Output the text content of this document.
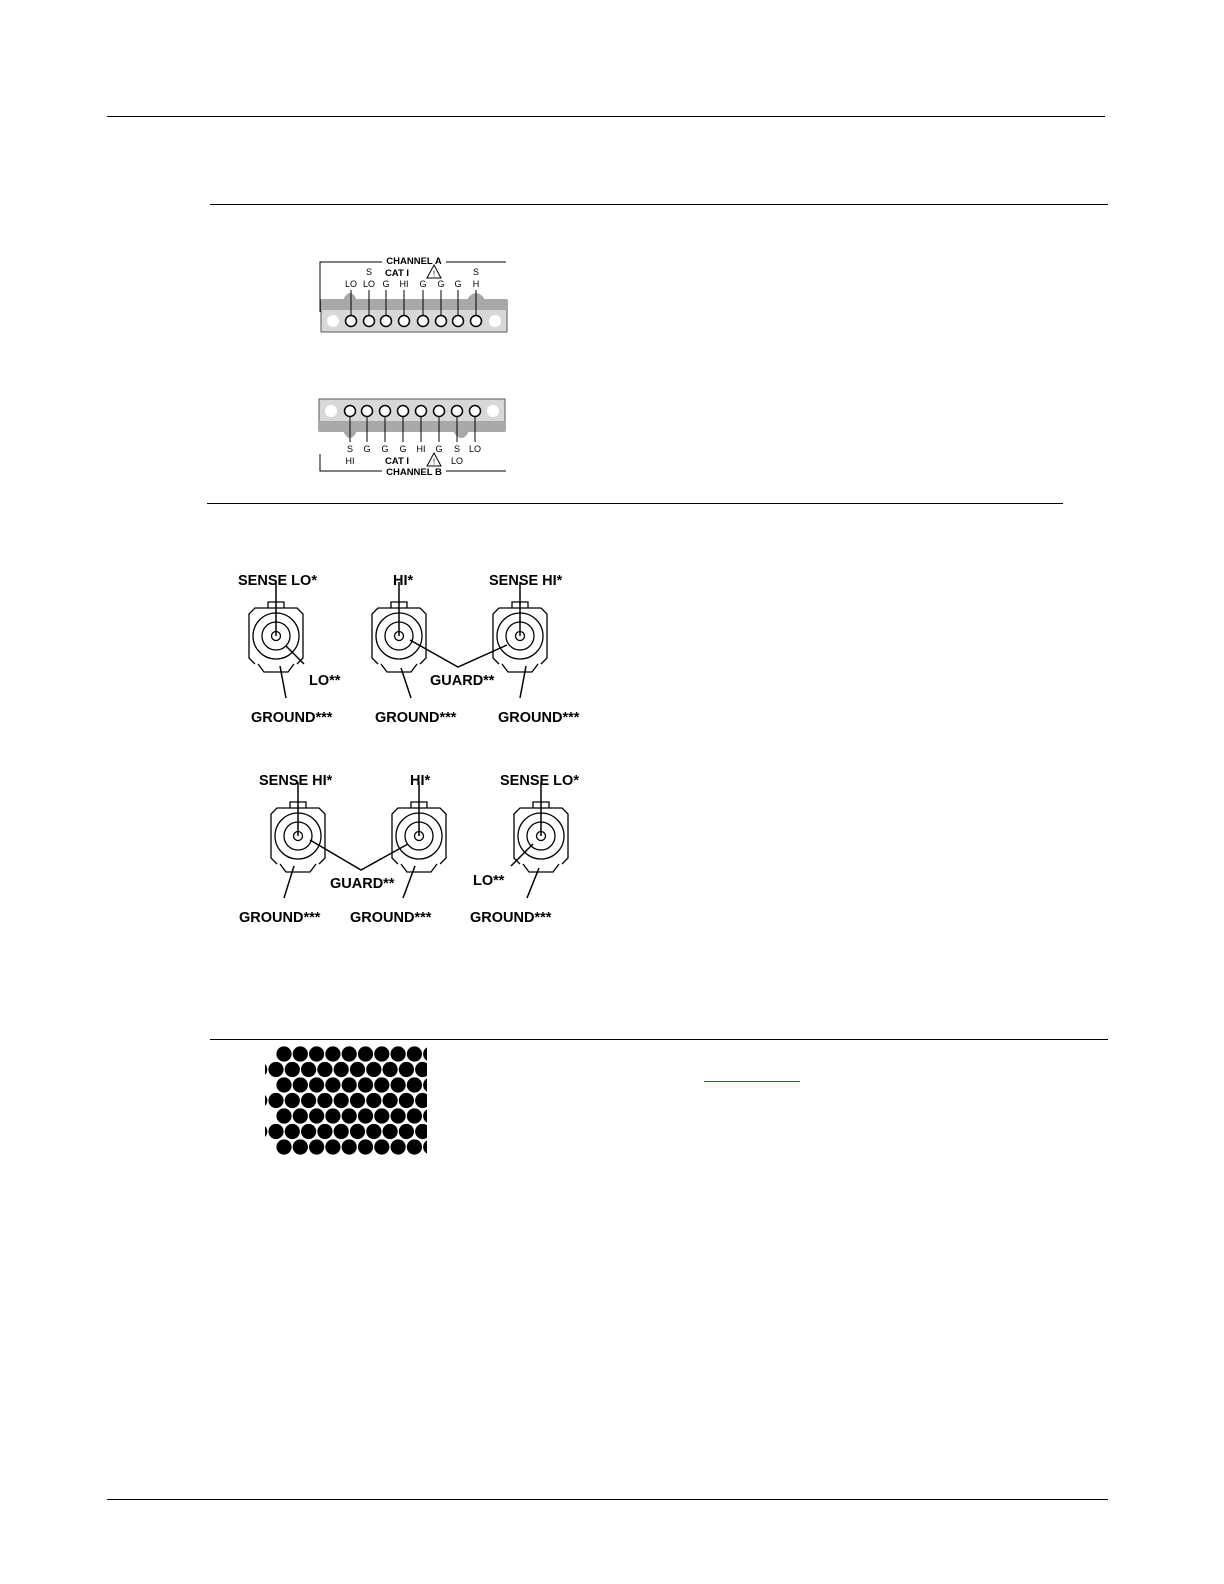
CHANNEL A
CAT I	!
S	S
LO LO G HI G G G H
S G G G HI G S LO
HI	LO
CAT I	!
CHANNEL B
SENSE LO*	HI*	SENSE HI*
LO**	GUARD**
GROUND***	GROUND***	GROUND***
SENSE HI*	HI*	SENSE LO*
GUARD**	LO**
GROUND*** GROUND***	GROUND***
